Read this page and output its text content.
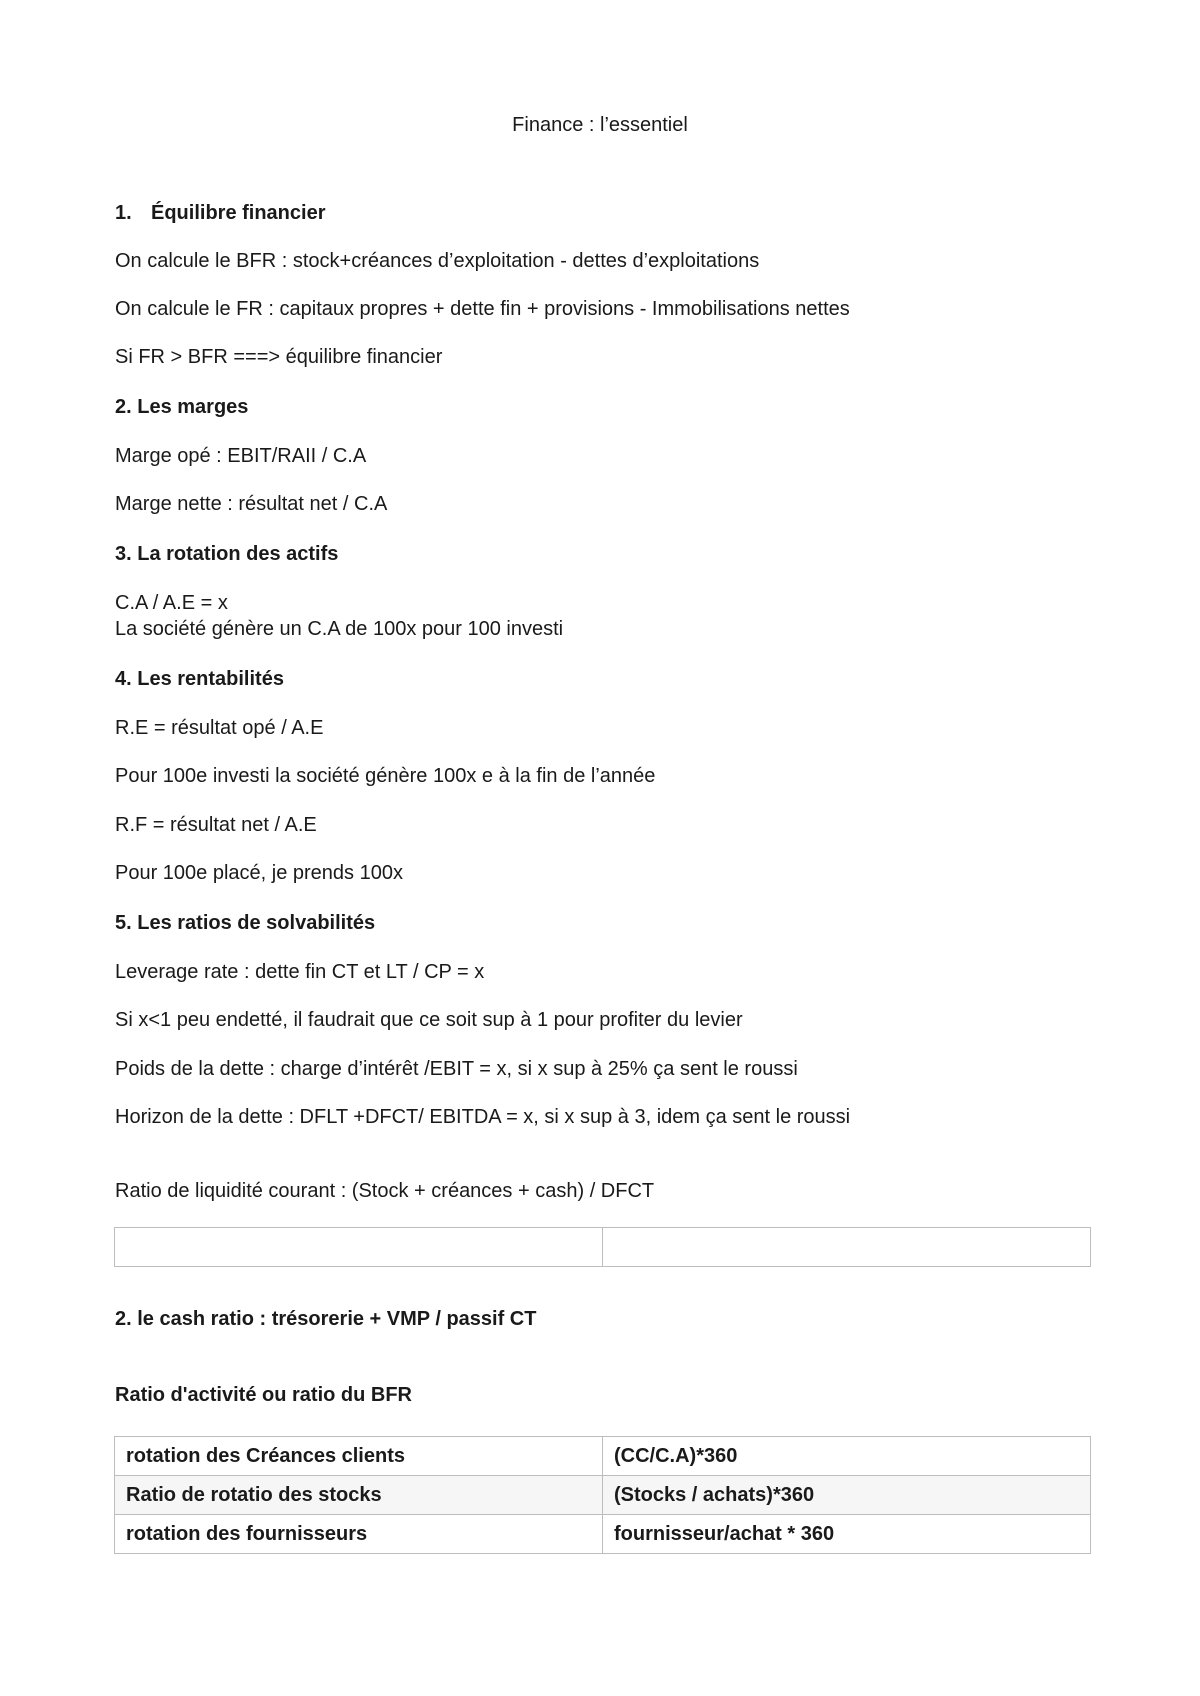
Finance : l’essentiel
1. Équilibre financier
On calcule le BFR : stock+créances d’exploitation - dettes d’exploitations
On calcule le FR : capitaux propres + dette fin + provisions - Immobilisations nettes
Si FR > BFR ===> équilibre financier
2. Les marges
Marge opé : EBIT/RAII / C.A
Marge nette : résultat net / C.A
3. La rotation des actifs
C.A / A.E = x
La société génère un C.A de 100x pour 100 investi
4. Les rentabilités
R.E = résultat opé / A.E
Pour 100e investi la société génère 100x e à la fin de l’année
R.F = résultat net / A.E
Pour 100e placé, je prends 100x
5. Les ratios de solvabilités
Leverage rate : dette fin CT et LT / CP = x
Si x<1 peu endetté, il faudrait que ce soit sup à 1 pour profiter du levier
Poids de la dette : charge d’intérêt /EBIT = x, si x sup à 25% ça sent le roussi
Horizon de la dette : DFLT +DFCT/ EBITDA = x, si x sup à 3, idem ça sent le roussi
Ratio de liquidité courant : (Stock + créances + cash) / DFCT

2. le cash ratio : trésorerie + VMP / passif CT
Ratio d'activité ou ratio du BFR
rotation des Créances clients	(CC/C.A)*360
Ratio de rotatio des stocks	(Stocks / achats)*360
rotation des fournisseurs	fournisseur/achat * 360
